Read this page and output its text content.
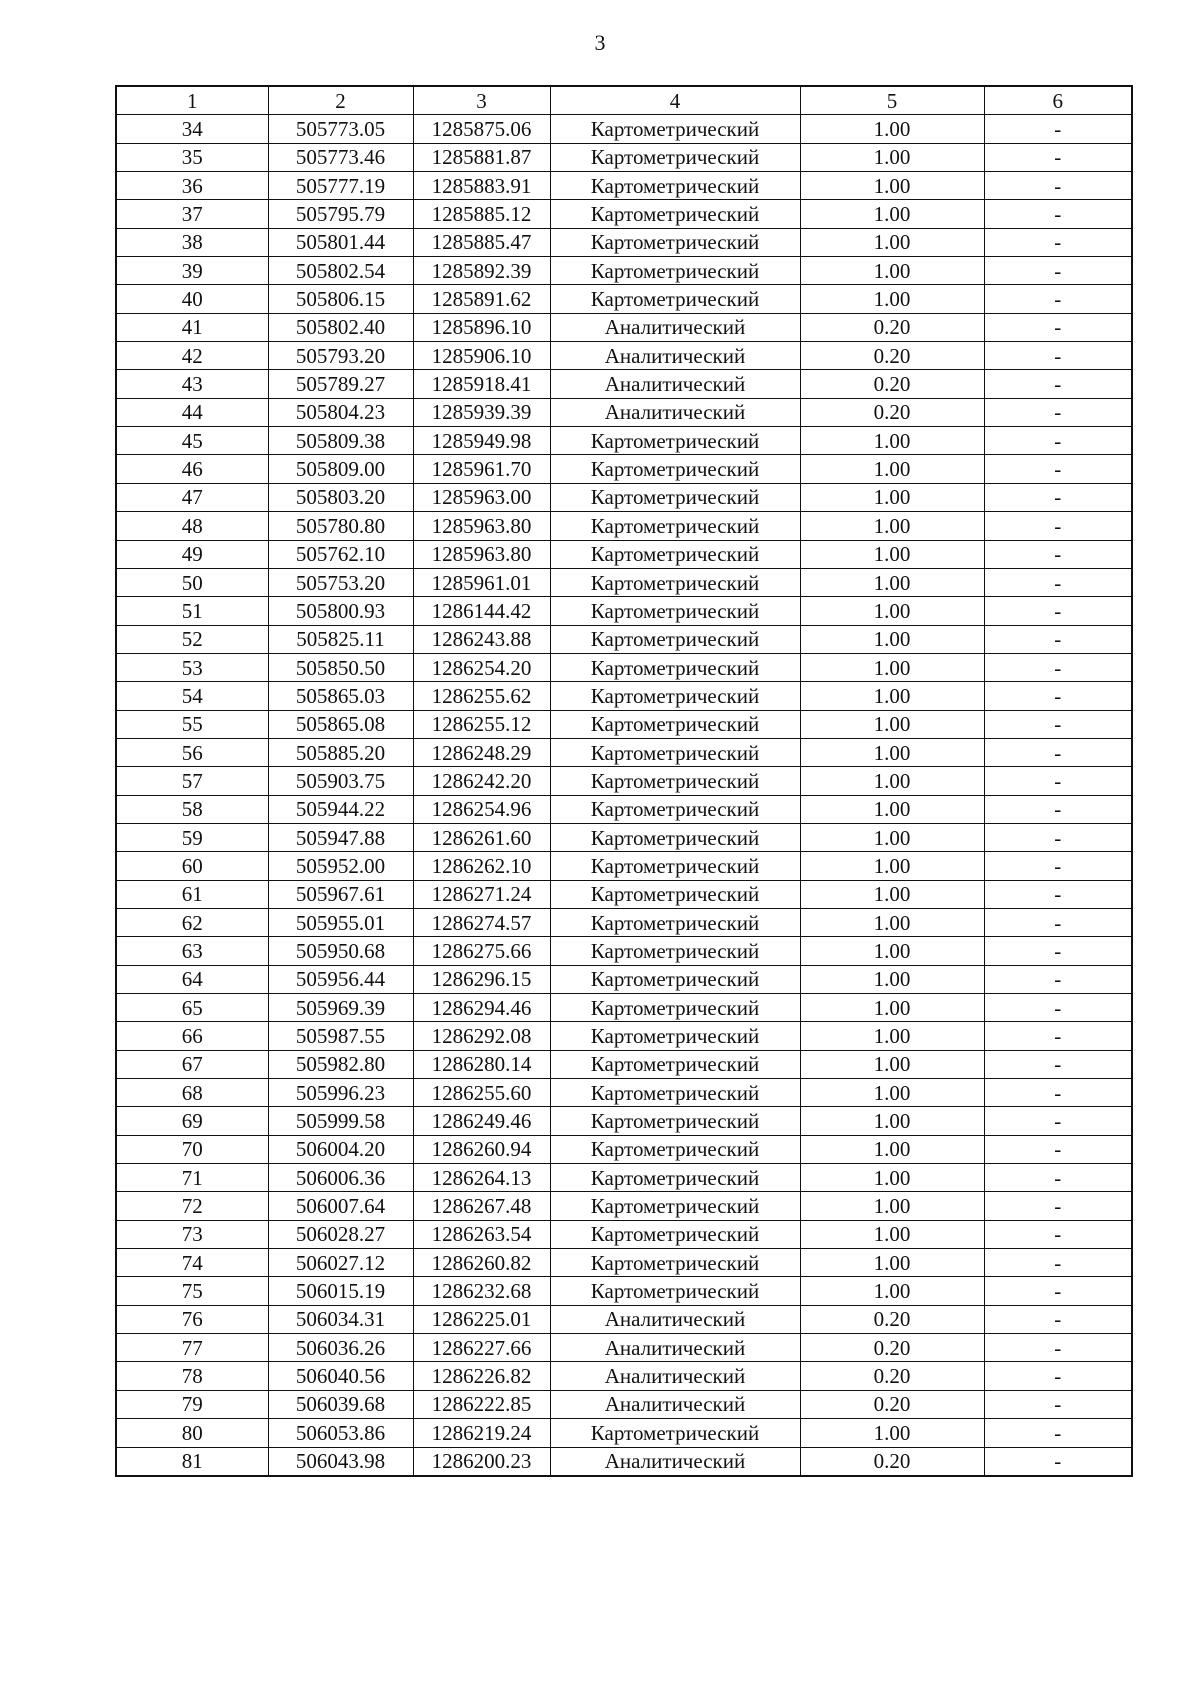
3
1	2	3	4	5	6
34	505773.05	1285875.06	Картометрический	1.00	-
35	505773.46	1285881.87	Картометрический	1.00	-
36	505777.19	1285883.91	Картометрический	1.00	-
37	505795.79	1285885.12	Картометрический	1.00	-
38	505801.44	1285885.47	Картометрический	1.00	-
39	505802.54	1285892.39	Картометрический	1.00	-
40	505806.15	1285891.62	Картометрический	1.00	-
41	505802.40	1285896.10	Аналитический	0.20	-
42	505793.20	1285906.10	Аналитический	0.20	-
43	505789.27	1285918.41	Аналитический	0.20	-
44	505804.23	1285939.39	Аналитический	0.20	-
45	505809.38	1285949.98	Картометрический	1.00	-
46	505809.00	1285961.70	Картометрический	1.00	-
47	505803.20	1285963.00	Картометрический	1.00	-
48	505780.80	1285963.80	Картометрический	1.00	-
49	505762.10	1285963.80	Картометрический	1.00	-
50	505753.20	1285961.01	Картометрический	1.00	-
51	505800.93	1286144.42	Картометрический	1.00	-
52	505825.11	1286243.88	Картометрический	1.00	-
53	505850.50	1286254.20	Картометрический	1.00	-
54	505865.03	1286255.62	Картометрический	1.00	-
55	505865.08	1286255.12	Картометрический	1.00	-
56	505885.20	1286248.29	Картометрический	1.00	-
57	505903.75	1286242.20	Картометрический	1.00	-
58	505944.22	1286254.96	Картометрический	1.00	-
59	505947.88	1286261.60	Картометрический	1.00	-
60	505952.00	1286262.10	Картометрический	1.00	-
61	505967.61	1286271.24	Картометрический	1.00	-
62	505955.01	1286274.57	Картометрический	1.00	-
63	505950.68	1286275.66	Картометрический	1.00	-
64	505956.44	1286296.15	Картометрический	1.00	-
65	505969.39	1286294.46	Картометрический	1.00	-
66	505987.55	1286292.08	Картометрический	1.00	-
67	505982.80	1286280.14	Картометрический	1.00	-
68	505996.23	1286255.60	Картометрический	1.00	-
69	505999.58	1286249.46	Картометрический	1.00	-
70	506004.20	1286260.94	Картометрический	1.00	-
71	506006.36	1286264.13	Картометрический	1.00	-
72	506007.64	1286267.48	Картометрический	1.00	-
73	506028.27	1286263.54	Картометрический	1.00	-
74	506027.12	1286260.82	Картометрический	1.00	-
75	506015.19	1286232.68	Картометрический	1.00	-
76	506034.31	1286225.01	Аналитический	0.20	-
77	506036.26	1286227.66	Аналитический	0.20	-
78	506040.56	1286226.82	Аналитический	0.20	-
79	506039.68	1286222.85	Аналитический	0.20	-
80	506053.86	1286219.24	Картометрический	1.00	-
81	506043.98	1286200.23	Аналитический	0.20	-
